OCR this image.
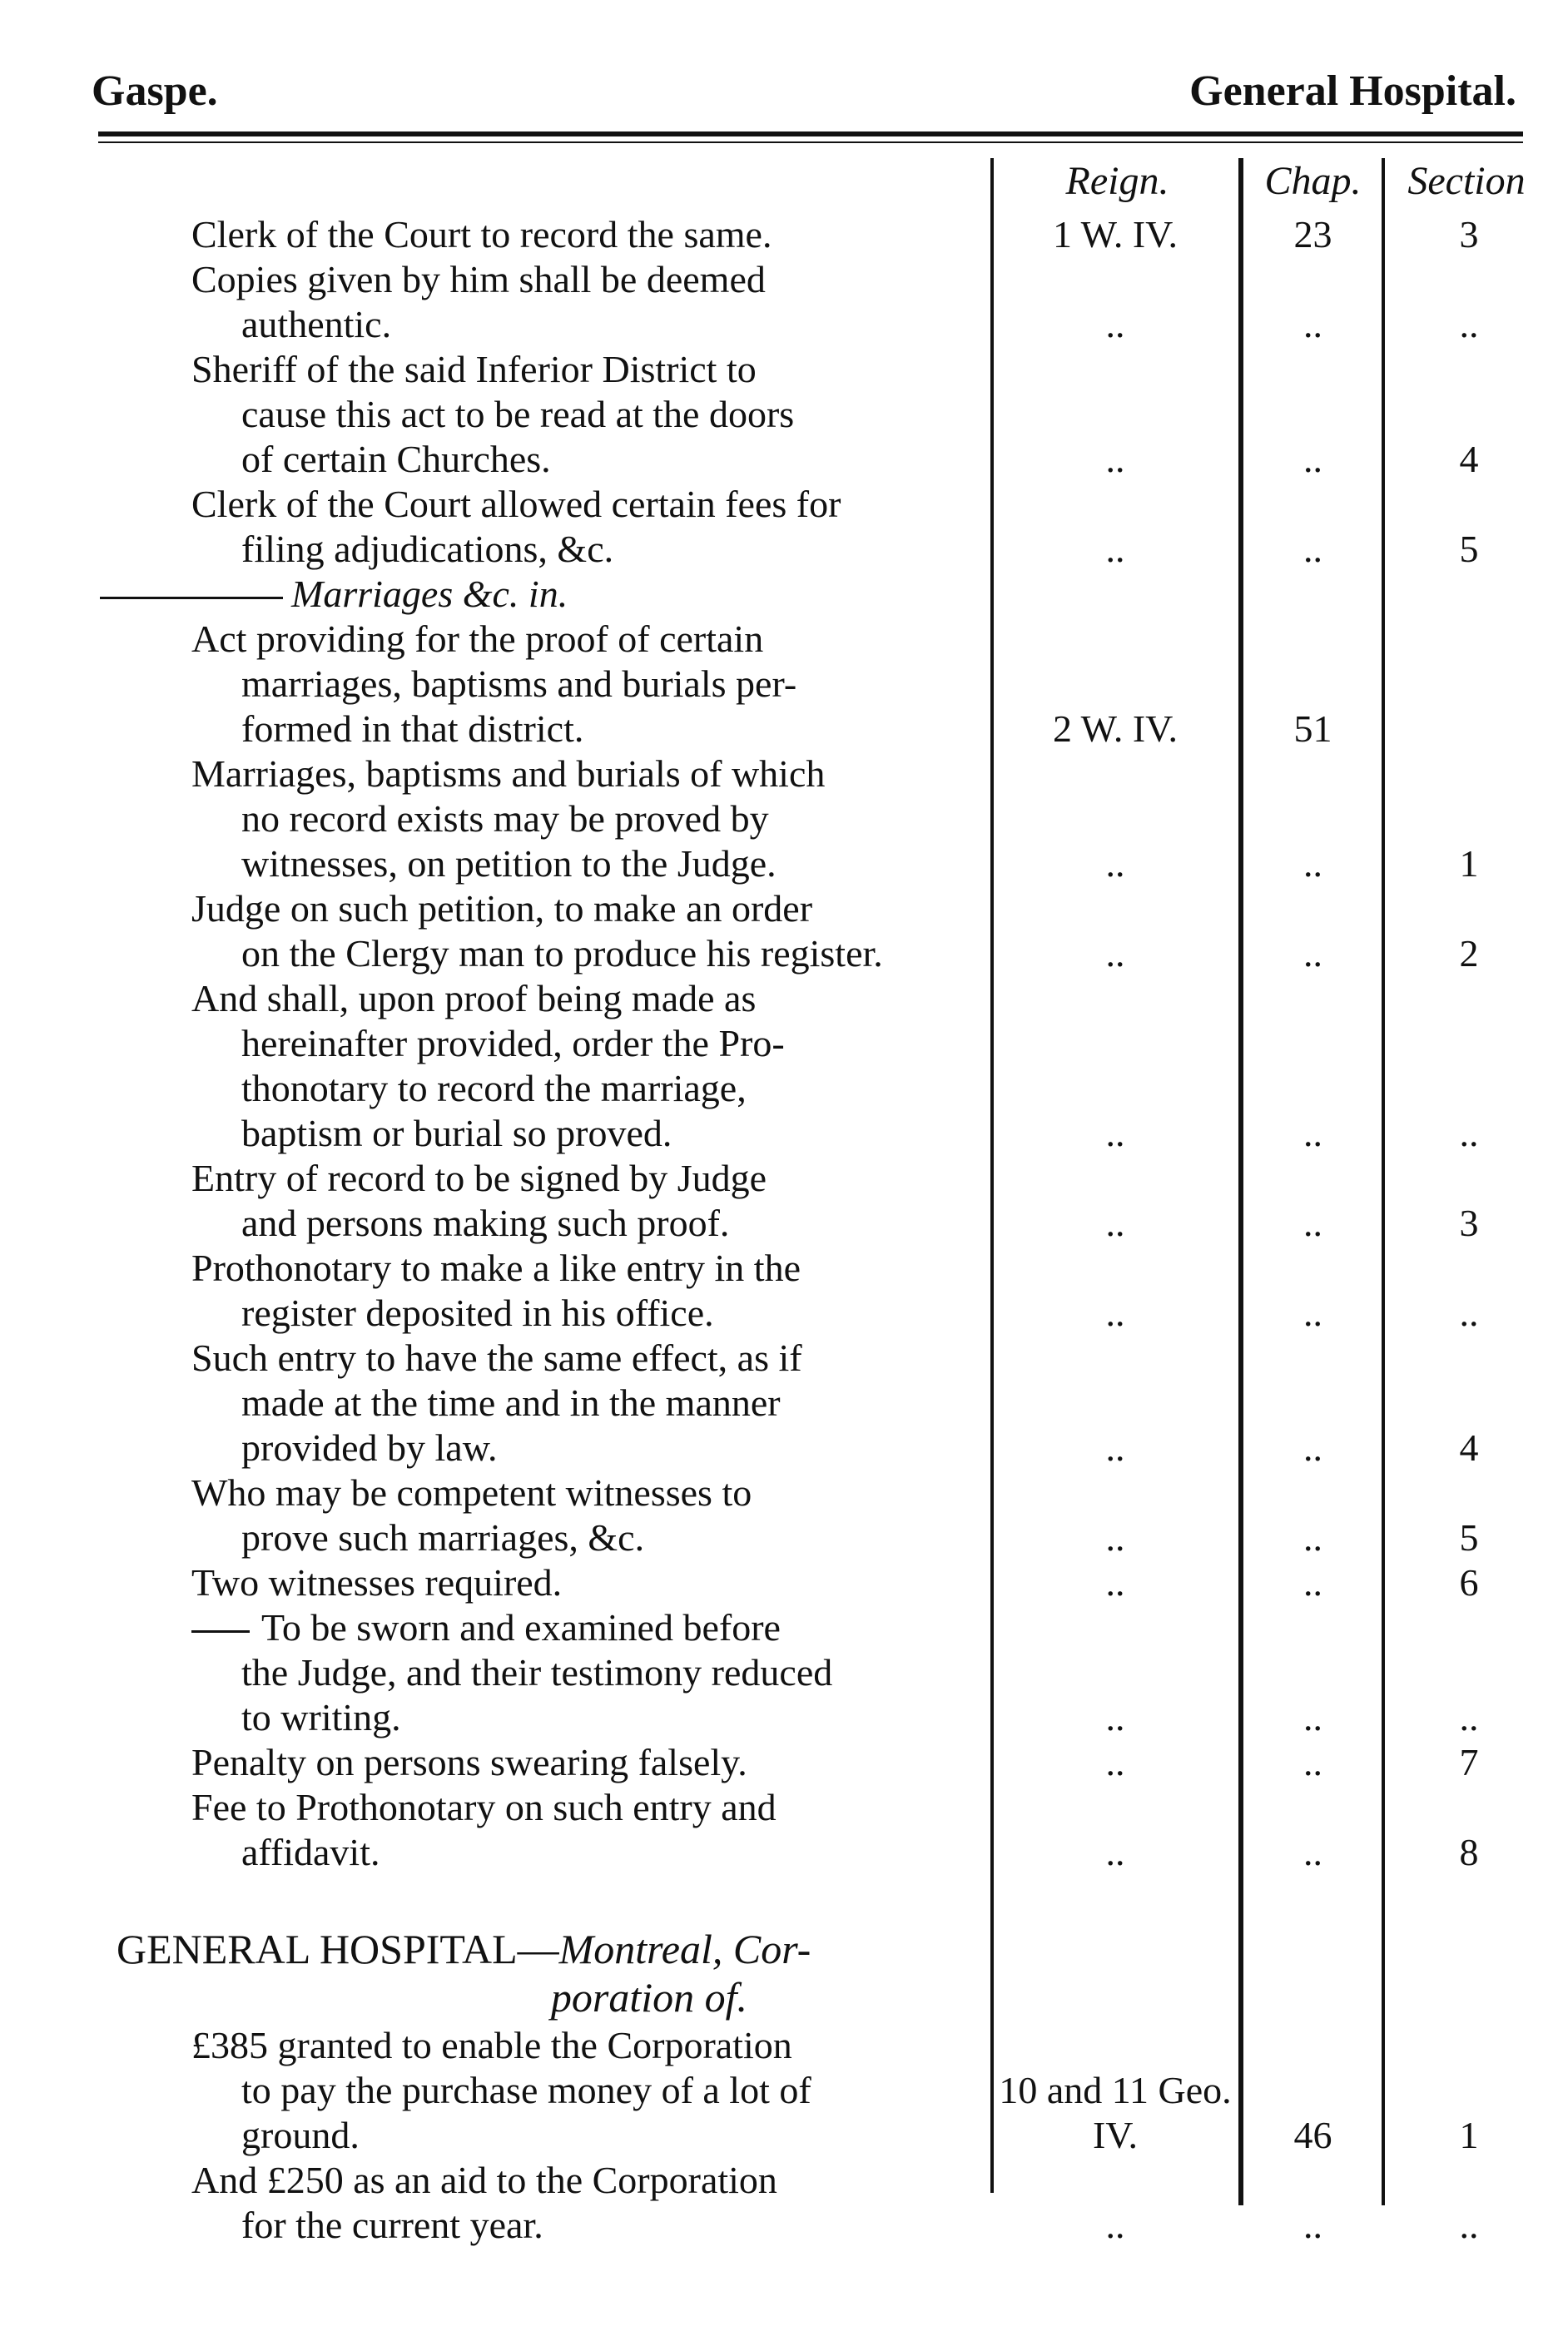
Gaspe.	General Hospital.
Reign.	Chap.	Section
Clerk of the Court to record the same.	1 W. IV.	23	3
Copies given by him shall be deemed
authentic.	..	..	..
Sheriff of the said Inferior District to
cause this act to be read at the doors
of certain Churches.	..	..	4
Clerk of the Court allowed certain fees for
filing adjudications, &c.	..	..	5
Marriages &c. in.
Act providing for the proof of certain
marriages, baptisms and burials per-
formed in that district.	2 W. IV.	51
Marriages, baptisms and burials of which
no record exists may be proved by
witnesses, on petition to the Judge.	..	..	1
Judge on such petition, to make an order
on the Clergy man to produce his register.	..	..	2
And shall, upon proof being made as
hereinafter provided, order the Pro-
thonotary to record the marriage,
baptism or burial so proved.	..	..	..
Entry of record to be signed by Judge
and persons making such proof.	..	..	3
Prothonotary to make a like entry in the
register deposited in his office.	..	..	..
Such entry to have the same effect, as if
made at the time and in the manner
provided by law.	..	..	4
Who may be competent witnesses to
prove such marriages, &c.	..	..	5
Two witnesses required.	..	..	6
To be sworn and examined before
the Judge, and their testimony reduced
to writing.	..	..	..
Penalty on persons swearing falsely.	..	..	7
Fee to Prothonotary on such entry and
affidavit.	..	..	8
GENERAL HOSPITAL—Montreal, Cor-
poration of.
£385 granted to enable the Corporation
to pay the purchase money of a lot of
ground.
10 and 11 Geo. IV.	46	1
And £250 as an aid to the Corporation
for the current year.	..	..	..
